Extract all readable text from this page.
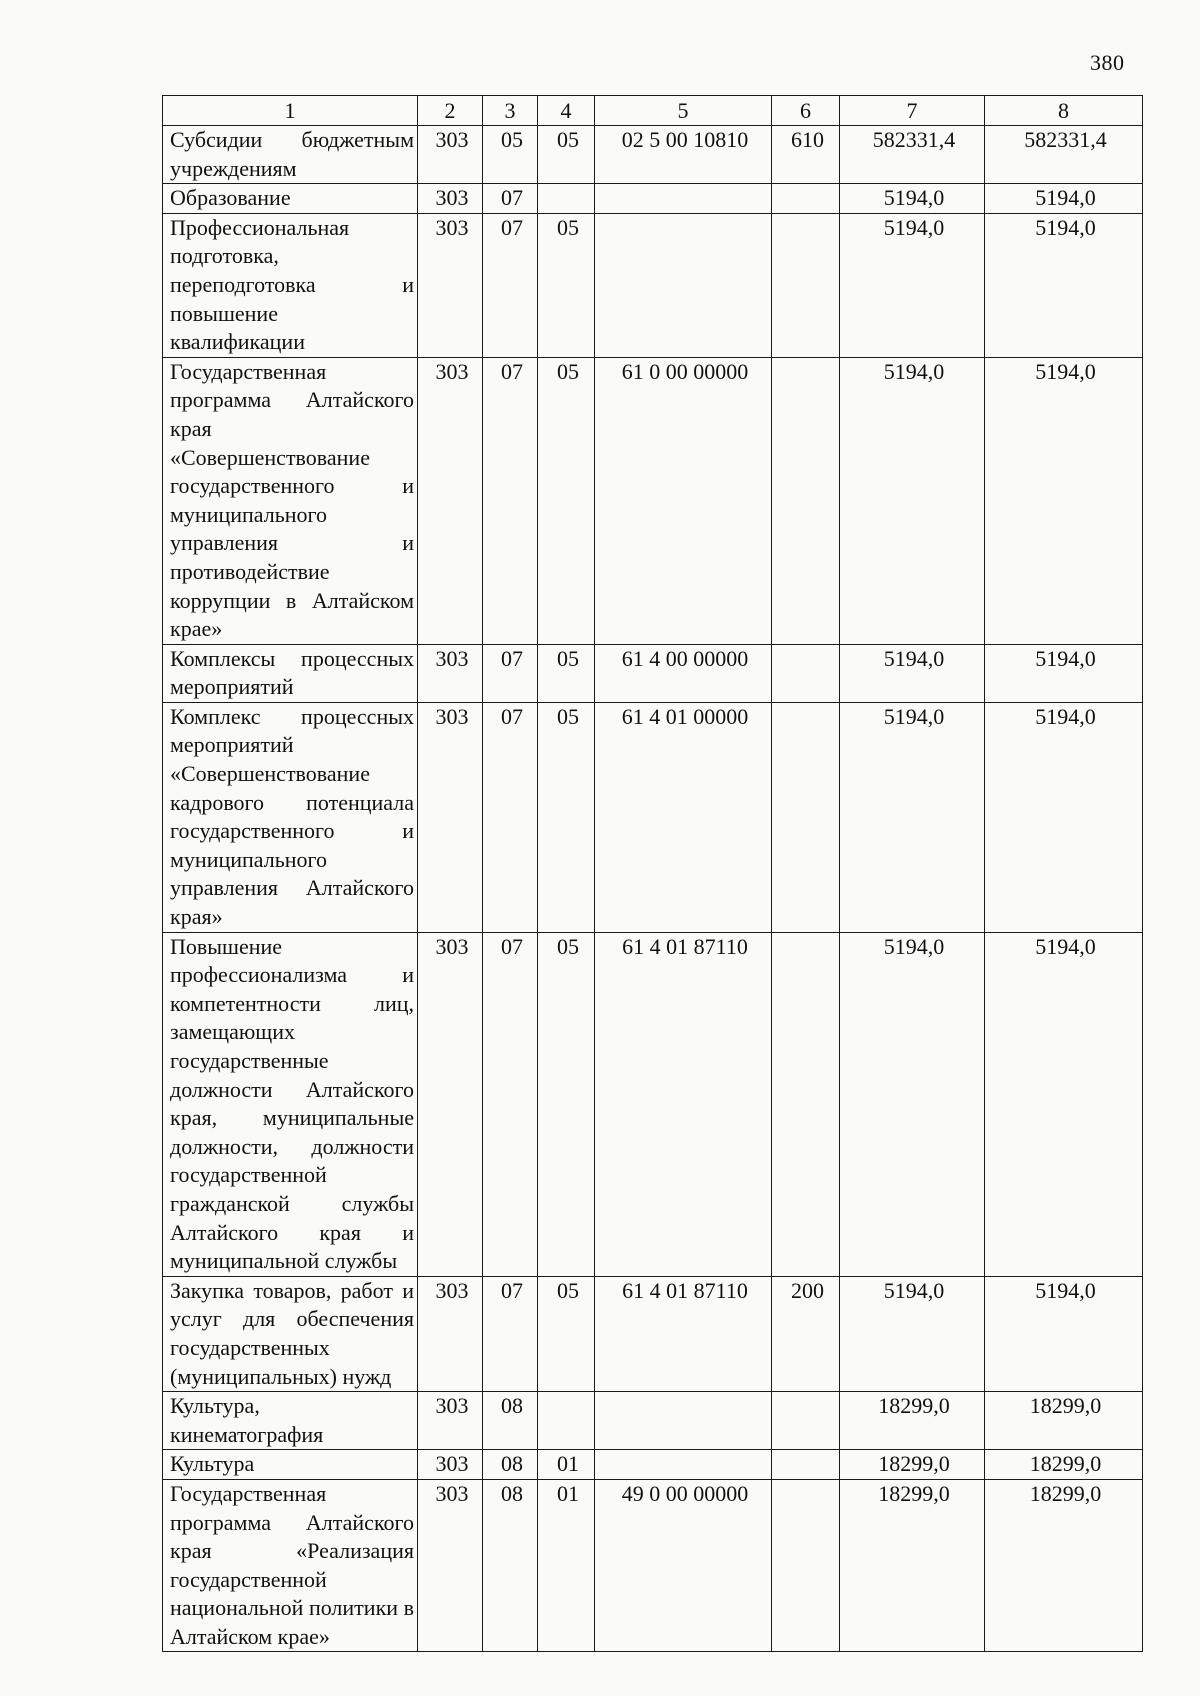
380
1	2	3	4	5	6	7	8
Субсидии бюджетным учреждениям	303	05	05	02 5 00 10810	610	582331,4	582331,4
Образование	303	07				5194,0	5194,0
Профессиональная подготовка, переподготовка и повышение квалификации	303	07	05			5194,0	5194,0
Государственная программа Алтайского края «Совершенствование государственного и муниципального управления и противодействие коррупции в Алтайском крае»	303	07	05	61 0 00 00000		5194,0	5194,0
Комплексы процессных мероприятий	303	07	05	61 4 00 00000		5194,0	5194,0
Комплекс процессных мероприятий «Совершенствование кадрового потенциала государственного и муниципального управления Алтайского края»	303	07	05	61 4 01 00000		5194,0	5194,0
Повышение профессионализма и компетентности лиц, замещающих государственные должности Алтайского края, муниципальные должности, должности государственной гражданской службы Алтайского края и муниципальной службы	303	07	05	61 4 01 87110		5194,0	5194,0
Закупка товаров, работ и услуг для обеспечения государственных (муниципальных) нужд	303	07	05	61 4 01 87110	200	5194,0	5194,0
Культура, кинематография	303	08				18299,0	18299,0
Культура	303	08	01			18299,0	18299,0
Государственная программа Алтайского края «Реализация государственной национальной политики в Алтайском крае»	303	08	01	49 0 00 00000		18299,0	18299,0
